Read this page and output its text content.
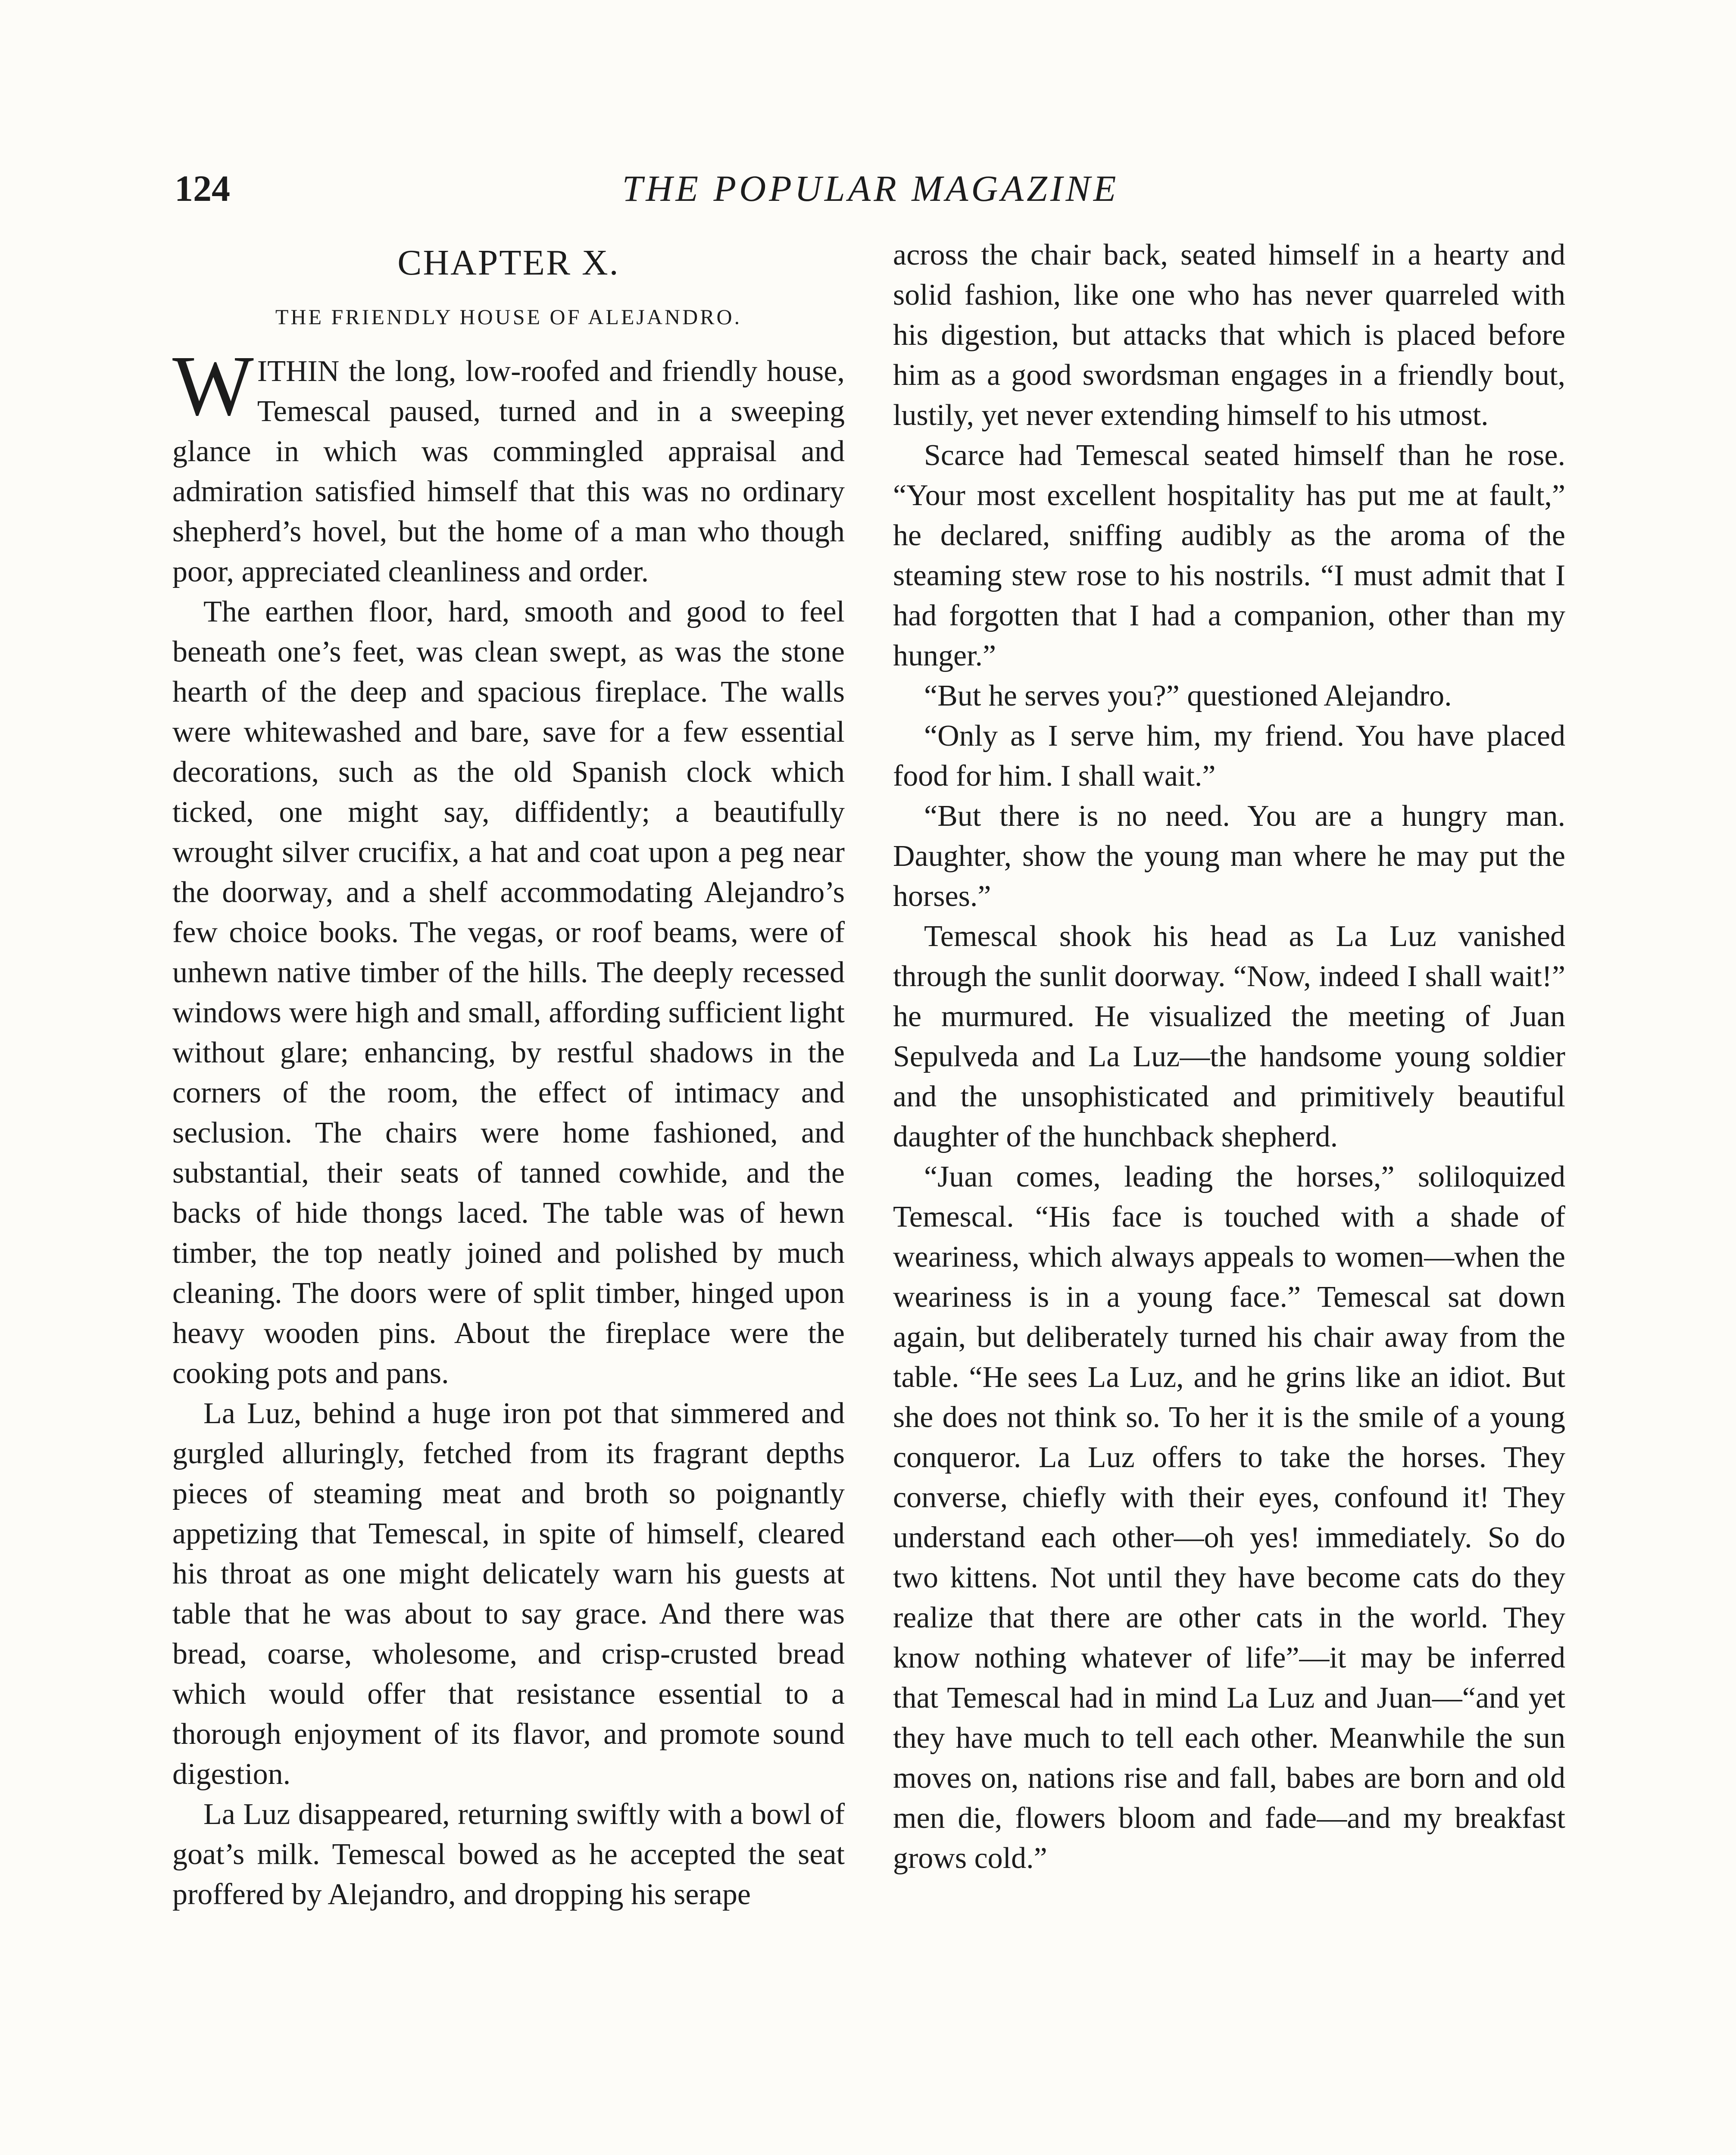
124	THE POPULAR MAGAZINE
CHAPTER X.
THE FRIENDLY HOUSE OF ALEJANDRO.

WITHIN the long, low-roofed and friendly house, Temescal paused, turned and in a sweeping glance in which was commingled appraisal and admiration satisfied himself that this was no ordinary shepherd’s hovel, but the home of a man who though poor, appreciated cleanliness and order.

The earthen floor, hard, smooth and good to feel beneath one’s feet, was clean swept, as was the stone hearth of the deep and spacious fireplace. The walls were whitewashed and bare, save for a few essential decorations, such as the old Spanish clock which ticked, one might say, diffidently; a beautifully wrought silver crucifix, a hat and coat upon a peg near the doorway, and a shelf accommodating Alejandro’s few choice books. The vegas, or roof beams, were of unhewn native timber of the hills. The deeply recessed windows were high and small, affording sufficient light without glare; enhancing, by restful shadows in the corners of the room, the effect of intimacy and seclusion. The chairs were home fashioned, and substantial, their seats of tanned cowhide, and the backs of hide thongs laced. The table was of hewn timber, the top neatly joined and polished by much cleaning. The doors were of split timber, hinged upon heavy wooden pins. About the fireplace were the cooking pots and pans.

La Luz, behind a huge iron pot that simmered and gurgled alluringly, fetched from its fragrant depths pieces of steaming meat and broth so poignantly appetizing that Temescal, in spite of himself, cleared his throat as one might delicately warn his guests at table that he was about to say grace. And there was bread, coarse, wholesome, and crisp-crusted bread which would offer that resistance essential to a thorough enjoyment of its flavor, and promote sound digestion.

La Luz disappeared, returning swiftly with a bowl of goat’s milk. Temescal bowed as he accepted the seat proffered by Alejandro, and dropping his serape

across the chair back, seated himself in a hearty and solid fashion, like one who has never quarreled with his digestion, but attacks that which is placed before him as a good swordsman engages in a friendly bout, lustily, yet never extending himself to his utmost.

Scarce had Temescal seated himself than he rose. “Your most excellent hospitality has put me at fault,” he declared, sniffing audibly as the aroma of the steaming stew rose to his nostrils. “I must admit that I had forgotten that I had a companion, other than my hunger.”

“But he serves you?” questioned Alejandro.

“Only as I serve him, my friend. You have placed food for him. I shall wait.”

“But there is no need. You are a hungry man. Daughter, show the young man where he may put the horses.”

Temescal shook his head as La Luz vanished through the sunlit doorway. “Now, indeed I shall wait!” he murmured. He visualized the meeting of Juan Sepulveda and La Luz—the handsome young soldier and the unsophisticated and primitively beautiful daughter of the hunchback shepherd.

“Juan comes, leading the horses,” soliloquized Temescal. “His face is touched with a shade of weariness, which always appeals to women—when the weariness is in a young face.” Temescal sat down again, but deliberately turned his chair away from the table. “He sees La Luz, and he grins like an idiot. But she does not think so. To her it is the smile of a young conqueror. La Luz offers to take the horses. They converse, chiefly with their eyes, confound it! They understand each other—oh yes! immediately. So do two kittens. Not until they have become cats do they realize that there are other cats in the world. They know nothing whatever of life”—it may be inferred that Temescal had in mind La Luz and Juan—“and yet they have much to tell each other. Meanwhile the sun moves on, nations rise and fall, babes are born and old men die, flowers bloom and fade—and my breakfast grows cold.”
